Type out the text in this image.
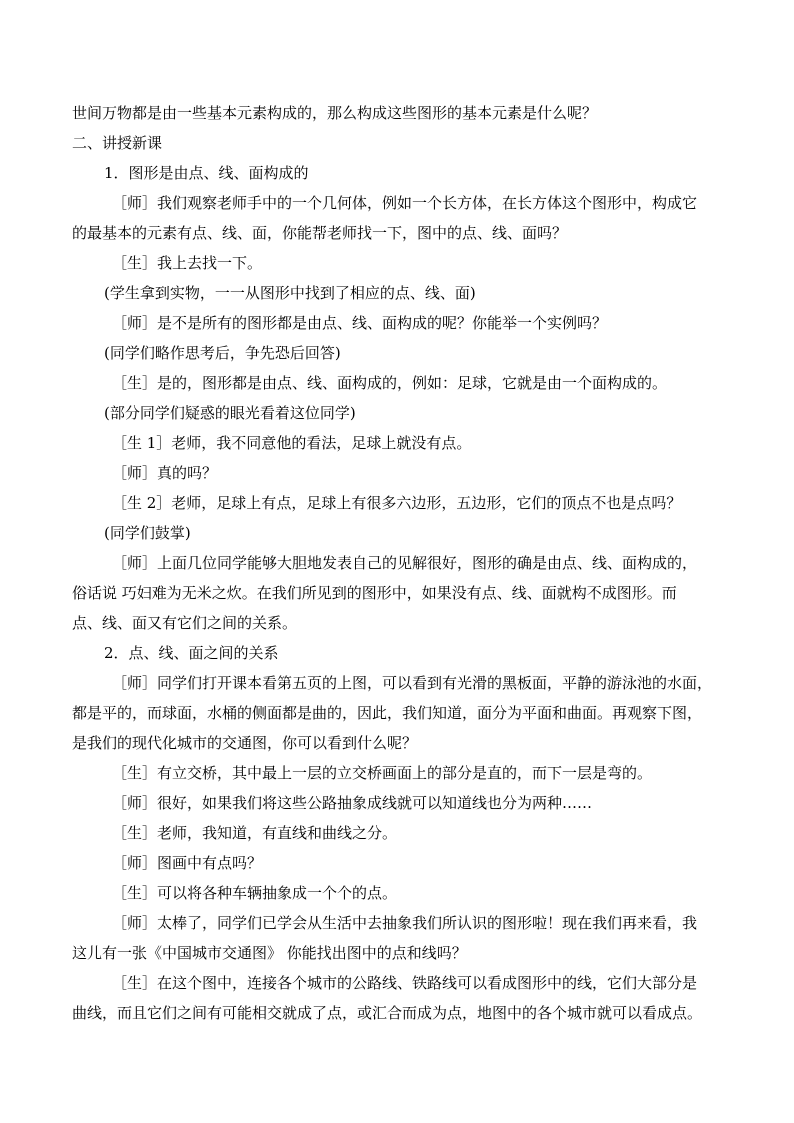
世间万物都是由一些基本元素构成的，那么构成这些图形的基本元素是什么呢？
二、讲授新课
1．图形是由点、线、面构成的
［师］我们观察老师手中的一个几何体，例如一个长方体，在长方体这个图形中，构成它
的最基本的元素有点、线、面，你能帮老师找一下，图中的点、线、面吗？
［生］我上去找一下。
(学生拿到实物，一一从图形中找到了相应的点、线、面)
［师］是不是所有的图形都是由点、线、面构成的呢？你能举一个实例吗？
(同学们略作思考后，争先恐后回答)
［生］是的，图形都是由点、线、面构成的，例如：足球，它就是由一个面构成的。
(部分同学们疑惑的眼光看着这位同学)
［生 1］老师，我不同意他的看法，足球上就没有点。
［师］真的吗？
［生 2］老师，足球上有点，足球上有很多六边形，五边形，它们的顶点不也是点吗？
(同学们鼓掌)
［师］上面几位同学能够大胆地发表自己的见解很好，图形的确是由点、线、面构成的，
俗话说 巧妇难为无米之炊。在我们所见到的图形中，如果没有点、线、面就构不成图形。而
点、线、面又有它们之间的关系。
2．点、线、面之间的关系
［师］同学们打开课本看第五页的上图，可以看到有光滑的黑板面，平静的游泳池的水面，
都是平的，而球面，水桶的侧面都是曲的，因此，我们知道，面分为平面和曲面。再观察下图，
是我们的现代化城市的交通图，你可以看到什么呢？
［生］有立交桥，其中最上一层的立交桥画面上的部分是直的，而下一层是弯的。
［师］很好，如果我们将这些公路抽象成线就可以知道线也分为两种……
［生］老师，我知道，有直线和曲线之分。
［师］图画中有点吗？
［生］可以将各种车辆抽象成一个个的点。
［师］太棒了，同学们已学会从生活中去抽象我们所认识的图形啦！现在我们再来看，我
这儿有一张《中国城市交通图》 你能找出图中的点和线吗？
［生］在这个图中，连接各个城市的公路线、铁路线可以看成图形中的线，它们大部分是
曲线，而且它们之间有可能相交就成了点，或汇合而成为点，地图中的各个城市就可以看成点。
